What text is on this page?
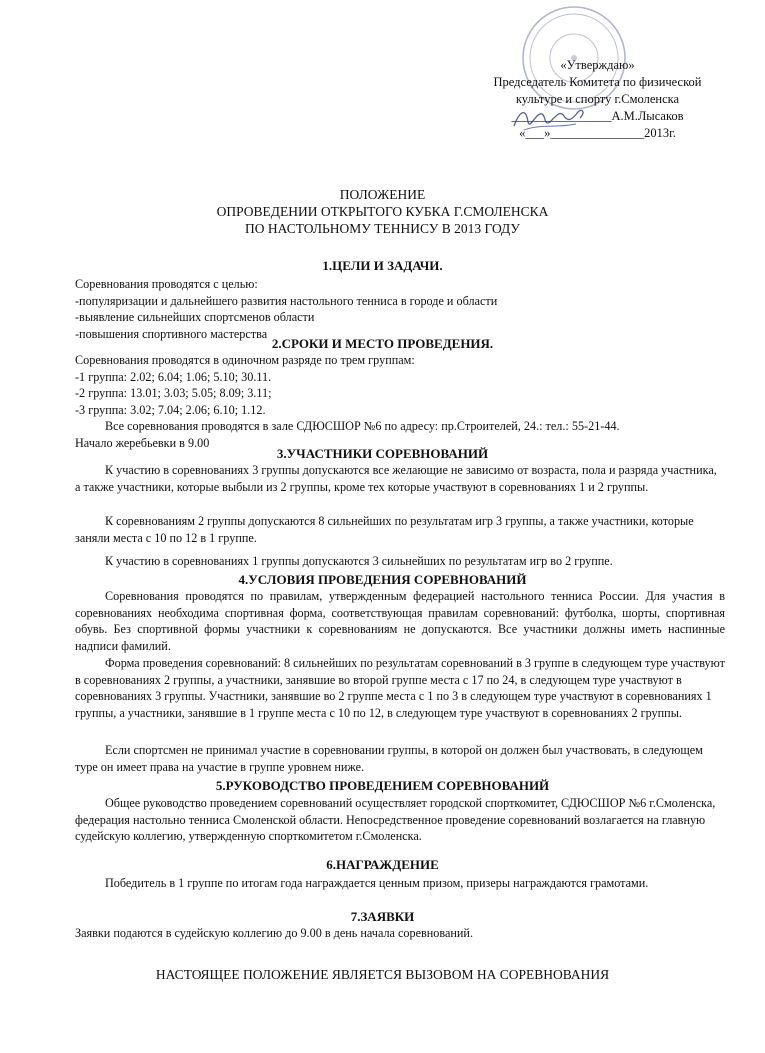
«Утверждаю»
Председатель Комитета по физической
культуре и спорту г.Смоленска
________________А.М.Лысаков
«___»_______________2013г.
ПОЛОЖЕНИЕ
ОПРОВЕДЕНИИ ОТКРЫТОГО КУБКА Г.СМОЛЕНСКА
ПО НАСТОЛЬНОМУ ТЕННИСУ В 2013 ГОДУ
1.ЦЕЛИ И ЗАДАЧИ.
Соревнования проводятся с целью:
-популяризации и дальнейшего развития настольного тенниса в городе и области
-выявление сильнейших спортсменов области
-повышения спортивного мастерства
2.СРОКИ И МЕСТО ПРОВЕДЕНИЯ.
Соревнования проводятся в одиночном разряде по трем группам:
-1 группа: 2.02; 6.04; 1.06; 5.10; 30.11.
-2 группа: 13.01; 3.03; 5.05; 8.09; 3.11;
-3 группа: 3.02; 7.04; 2.06; 6.10; 1.12.
Все соревнования проводятся в зале СДЮСШОР №6 по адресу: пр.Строителей, 24.: тел.: 55-21-44.
Начало жеребьевки в 9.00
3.УЧАСТНИКИ СОРЕВНОВАНИЙ
К участию в соревнованиях 3 группы допускаются все желающие не зависимо от возраста, пола и разряда участника, а также участники, которые выбыли из 2 группы, кроме тех которые участвуют в соревнованиях 1 и 2 группы.
К соревнованиям 2 группы допускаются 8 сильнейших по результатам игр 3 группы, а также участники, которые заняли места с 10 по 12 в 1 группе.
К участию в соревнованиях 1 группы допускаются 3 сильнейших по результатам игр во 2 группе.
4.УСЛОВИЯ ПРОВЕДЕНИЯ СОРЕВНОВАНИЙ
Соревнования проводятся по правилам, утвержденным федерацией настольного тенниса России. Для участия в соревнованиях необходима спортивная форма, соответствующая правилам соревнований: футболка, шорты, спортивная обувь. Без спортивной формы участники к соревнованиям не допускаются. Все участники должны иметь наспинные надписи фамилий.
Форма проведения соревнований: 8 сильнейших по результатам соревнований в 3 группе в следующем туре участвуют в соревнованиях 2 группы, а участники, занявшие во второй группе места с 17 по 24, в следующем туре участвуют в соревнованиях 3 группы. Участники, занявшие во 2 группе места с 1 по 3 в следующем туре участвуют в соревнованиях 1 группы, а участники, занявшие в 1 группе места с 10 по 12, в следующем туре участвуют в соревнованиях 2 группы.
Если спортсмен не принимал участие в соревновании группы, в которой он должен был участвовать, в следующем туре он имеет права на участие в группе уровнем ниже.
5.РУКОВОДСТВО ПРОВЕДЕНИЕМ СОРЕВНОВАНИЙ
Общее руководство проведением соревнований осуществляет городской спорткомитет, СДЮСШОР №6 г.Смоленска, федерация настольно тенниса Смоленской области. Непосредственное проведение соревнований возлагается на главную судейскую коллегию, утвержденную спорткомитетом г.Смоленска.
6.НАГРАЖДЕНИЕ
Победитель в 1 группе по итогам года награждается ценным призом, призеры награждаются грамотами.
7.ЗАЯВКИ
Заявки подаются в судейскую коллегию до 9.00 в день начала соревнований.
НАСТОЯЩЕЕ ПОЛОЖЕНИЕ ЯВЛЯЕТСЯ ВЫЗОВОМ НА СОРЕВНОВАНИЯ
